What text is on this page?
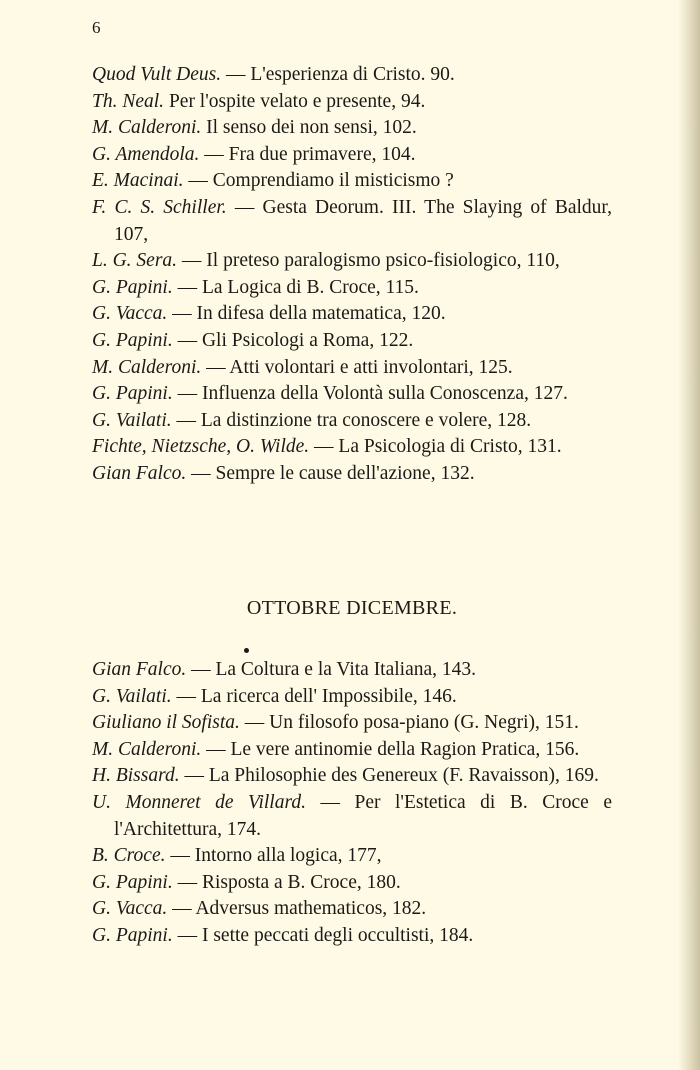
6

Quod Vult Deus. — L'esperienza di Cristo. 90.

Th. Neal. Per l'ospite velato e presente, 94.

M. Calderoni. Il senso dei non sensi, 102.

G. Amendola. — Fra due primavere, 104.

E. Macinai. — Comprendiamo il misticismo ?

F. C. S. Schiller. — Gesta Deorum. III. The Slaying of Baldur, 107,

L. G. Sera. — Il preteso paralogismo psico-fisiologico, 110,

G. Papini. — La Logica di B. Croce, 115.

G. Vacca. — In difesa della matematica, 120.

G. Papini. — Gli Psicologi a Roma, 122.

M. Calderoni. — Atti volontari e atti involontari, 125.

G. Papini. — Influenza della Volontà sulla Conoscenza, 127.

G. Vailati. — La distinzione tra conoscere e volere, 128.

Fichte, Nietzsche, O. Wilde. — La Psicologia di Cristo, 131.

Gian Falco. — Sempre le cause dell'azione, 132.

OTTOBRE DICEMBRE.

Gian Falco. — La Coltura e la Vita Italiana, 143.

G. Vailati. — La ricerca dell' Impossibile, 146.

Giuliano il Sofista. — Un filosofo posa-piano (G. Negri), 151.

M. Calderoni. — Le vere antinomie della Ragion Pratica, 156.

H. Bissard. — La Philosophie des Genereux (F. Ravaisson), 169.

U. Monneret de Villard. — Per l'Estetica di B. Croce e l'Architettura, 174.

B. Croce. — Intorno alla logica, 177,

G. Papini. — Risposta a B. Croce, 180.

G. Vacca. — Adversus mathematicos, 182.

G. Papini. — I sette peccati degli occultisti, 184.
